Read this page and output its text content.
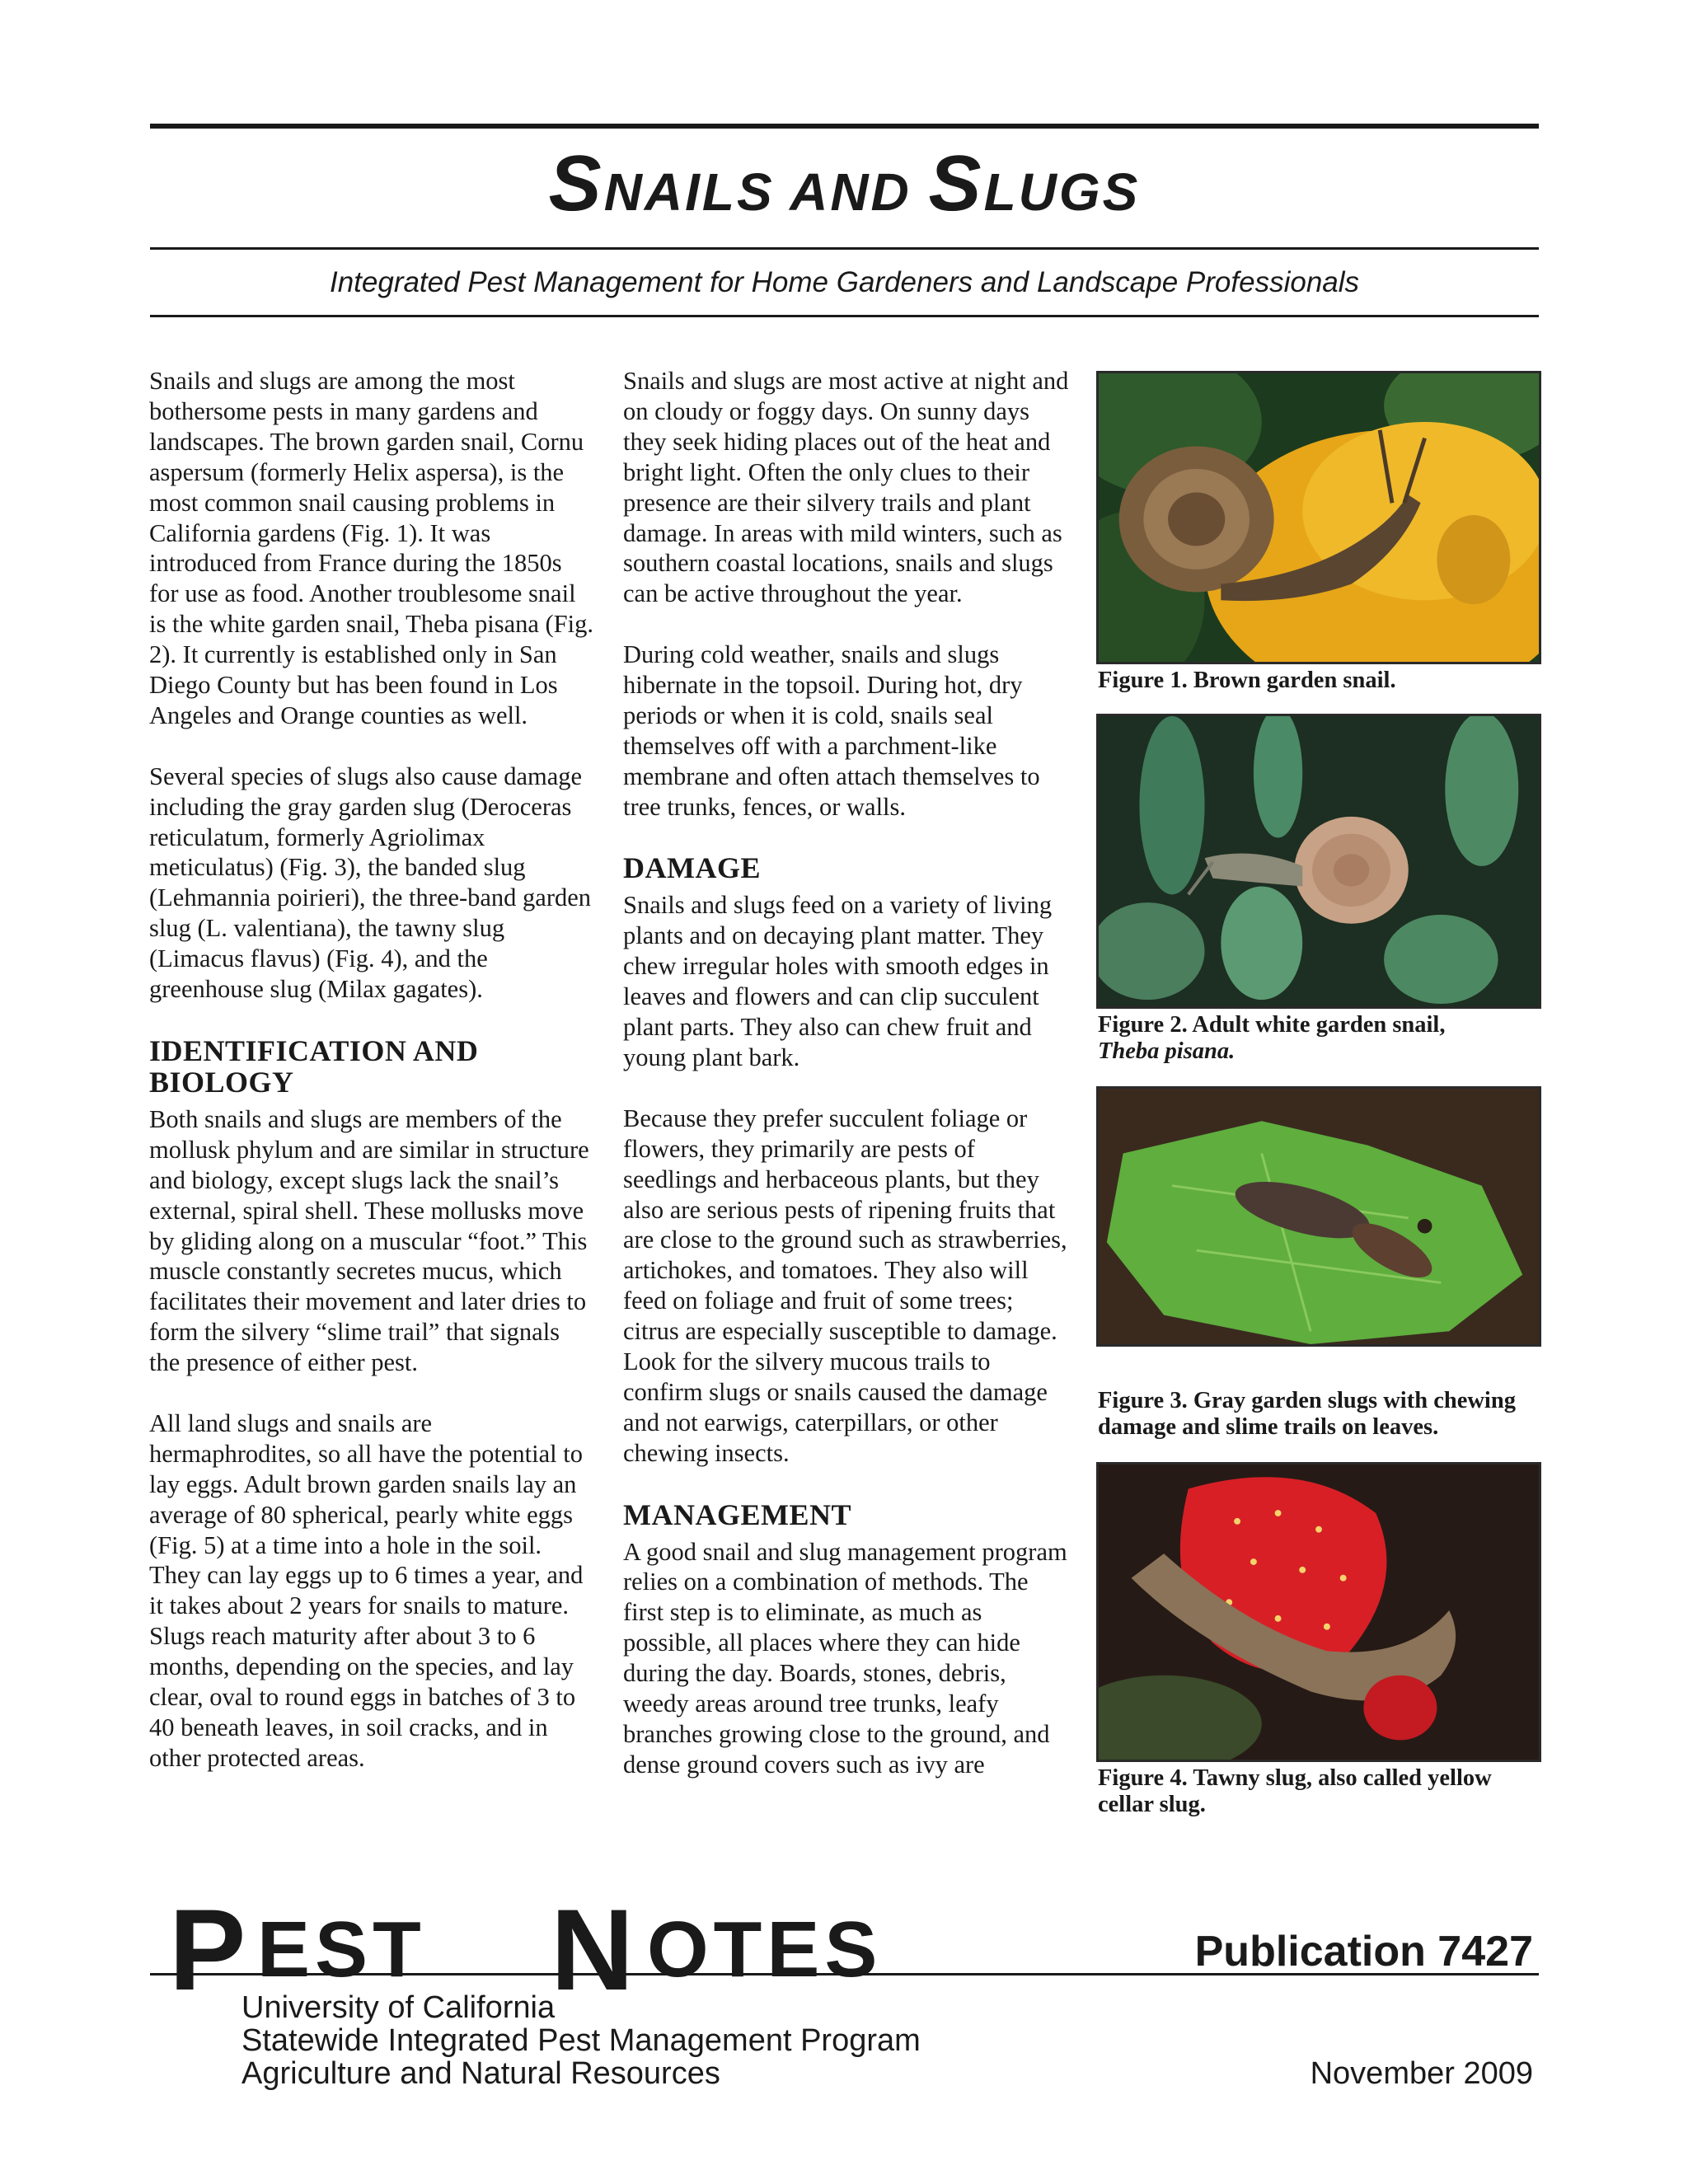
SNAILS AND SLUGS
Integrated Pest Management for Home Gardeners and Landscape Professionals

Snails and slugs are among the most bothersome pests in many gardens and landscapes. The brown garden snail, Cornu aspersum (formerly Helix aspersa), is the most common snail causing problems in California gardens (Fig. 1). It was introduced from France during the 1850s for use as food. Another troublesome snail is the white garden snail, Theba pisana (Fig. 2). It currently is established only in San Diego County but has been found in Los Angeles and Orange counties as well.

Several species of slugs also cause damage including the gray garden slug (Deroceras reticulatum, formerly Agriolimax meticulatus) (Fig. 3), the banded slug (Lehmannia poirieri), the three-band garden slug (L. valentiana), the tawny slug (Limacus flavus) (Fig. 4), and the greenhouse slug (Milax gagates).

IDENTIFICATION AND BIOLOGY

Both snails and slugs are members of the mollusk phylum and are similar in structure and biology, except slugs lack the snail’s external, spiral shell. These mollusks move by gliding along on a muscular “foot.” This muscle constantly secretes mucus, which facilitates their movement and later dries to form the silvery “slime trail” that signals the presence of either pest.

All land slugs and snails are hermaphrodites, so all have the potential to lay eggs. Adult brown garden snails lay an average of 80 spherical, pearly white eggs (Fig. 5) at a time into a hole in the soil. They can lay eggs up to 6 times a year, and it takes about 2 years for snails to mature. Slugs reach maturity after about 3 to 6 months, depending on the species, and lay clear, oval to round eggs in batches of 3 to 40 beneath leaves, in soil cracks, and in other protected areas.

Snails and slugs are most active at night and on cloudy or foggy days. On sunny days they seek hiding places out of the heat and bright light. Often the only clues to their presence are their silvery trails and plant damage. In areas with mild winters, such as southern coastal locations, snails and slugs can be active throughout the year.

During cold weather, snails and slugs hibernate in the topsoil. During hot, dry periods or when it is cold, snails seal themselves off with a parchment-like membrane and often attach themselves to tree trunks, fences, or walls.

DAMAGE

Snails and slugs feed on a variety of living plants and on decaying plant matter. They chew irregular holes with smooth edges in leaves and flowers and can clip succulent plant parts. They also can chew fruit and young plant bark.

Because they prefer succulent foliage or flowers, they primarily are pests of seedlings and herbaceous plants, but they also are serious pests of ripening fruits that are close to the ground such as strawberries, artichokes, and tomatoes. They also will feed on foliage and fruit of some trees; citrus are especially susceptible to damage. Look for the silvery mucous trails to confirm slugs or snails caused the damage and not earwigs, caterpillars, or other chewing insects.

MANAGEMENT

A good snail and slug management program relies on a combination of methods. The first step is to eliminate, as much as possible, all places where they can hide during the day. Boards, stones, debris, weedy areas around tree trunks, leafy branches growing close to the ground, and dense ground covers such as ivy are

Figure 1. Brown garden snail.
Figure 2. Adult white garden snail,
Theba pisana.
Figure 3. Gray garden slugs with chewing damage and slime trails on leaves.
Figure 4. Tawny slug, also called yellow cellar slug.
P EST N OTES	Publication 7427
University of California
Statewide Integrated Pest Management Program
Agriculture and Natural Resources	November 2009
